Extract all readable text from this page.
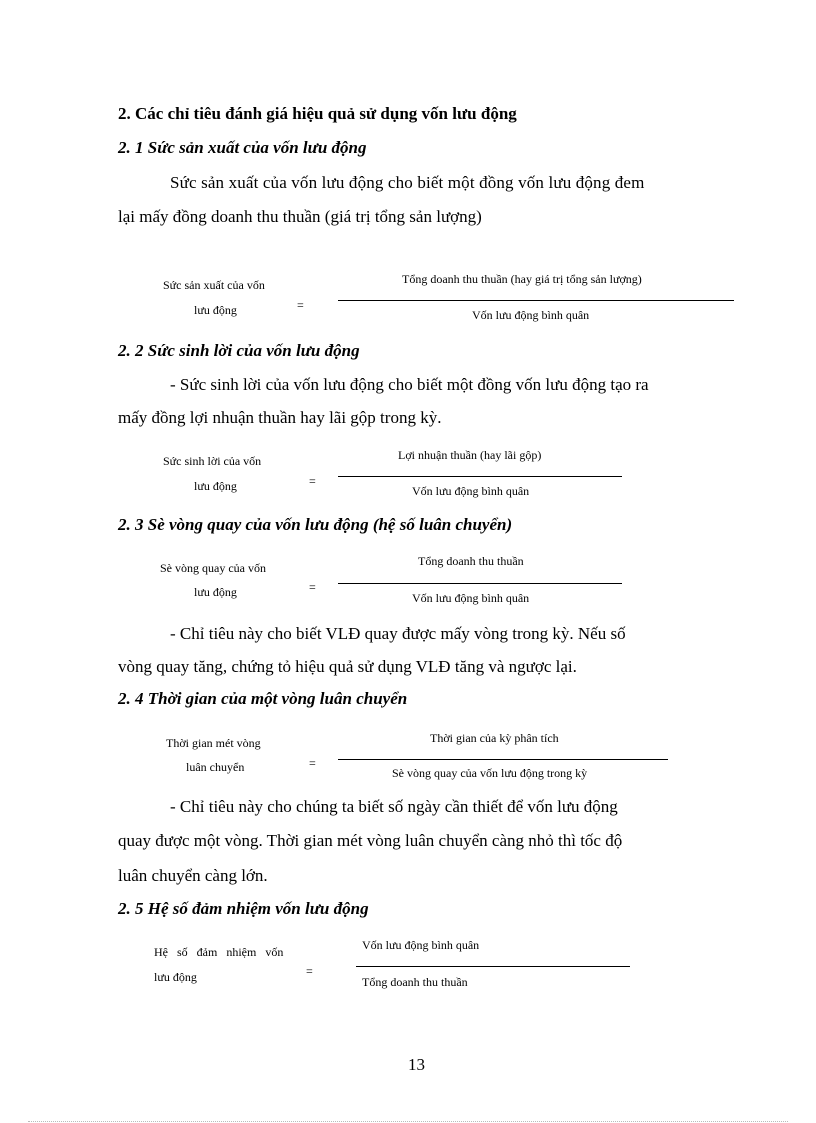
2. Các chỉ tiêu đánh giá hiệu quả sử dụng vốn lưu động
2. 1 Sức sản xuất của vốn lưu động
Sức sản xuất của vốn lưu động cho biết một đồng vốn lưu động đem
lại mấy đồng doanh thu thuần (giá trị tổng sản lượng)
Sức sản xuất của vốn
lưu động	=
Tổng doanh thu thuần (hay giá trị tổng sản lượng)
Vốn lưu động bình quân
2. 2 Sức sinh lời của vốn lưu động
- Sức sinh lời của vốn lưu động cho biết một đồng vốn lưu động tạo ra
mấy đồng lợi nhuận thuần hay lãi gộp trong kỳ.
Sức sinh lời của vốn
lưu động	=
Lợi nhuận thuần (hay lãi gộp)
Vốn lưu động bình quân
2. 3 Sè vòng quay của vốn lưu động (hệ số luân chuyển)
Sè vòng quay của vốn
lưu động	=
Tổng doanh thu thuần
Vốn lưu động bình quân
- Chỉ tiêu này cho biết VLĐ quay được mấy vòng trong kỳ. Nếu số
vòng quay tăng, chứng tỏ hiệu quả sử dụng VLĐ tăng và ngược lại.
2. 4 Thời gian của một vòng luân chuyển
Thời gian mét vòng
luân chuyển	=
Thời gian của kỳ phân tích
Sè vòng quay của vốn lưu động trong kỳ
- Chỉ tiêu này cho chúng ta biết số ngày cần thiết để vốn lưu động
quay được một vòng. Thời gian mét vòng luân chuyển càng nhỏ thì tốc độ
luân chuyển càng lớn.
2. 5 Hệ số đảm nhiệm vốn lưu động
Hệ số đảm nhiệm vốn
lưu động	=
Vốn lưu động bình quân
Tổng doanh thu thuần
13
